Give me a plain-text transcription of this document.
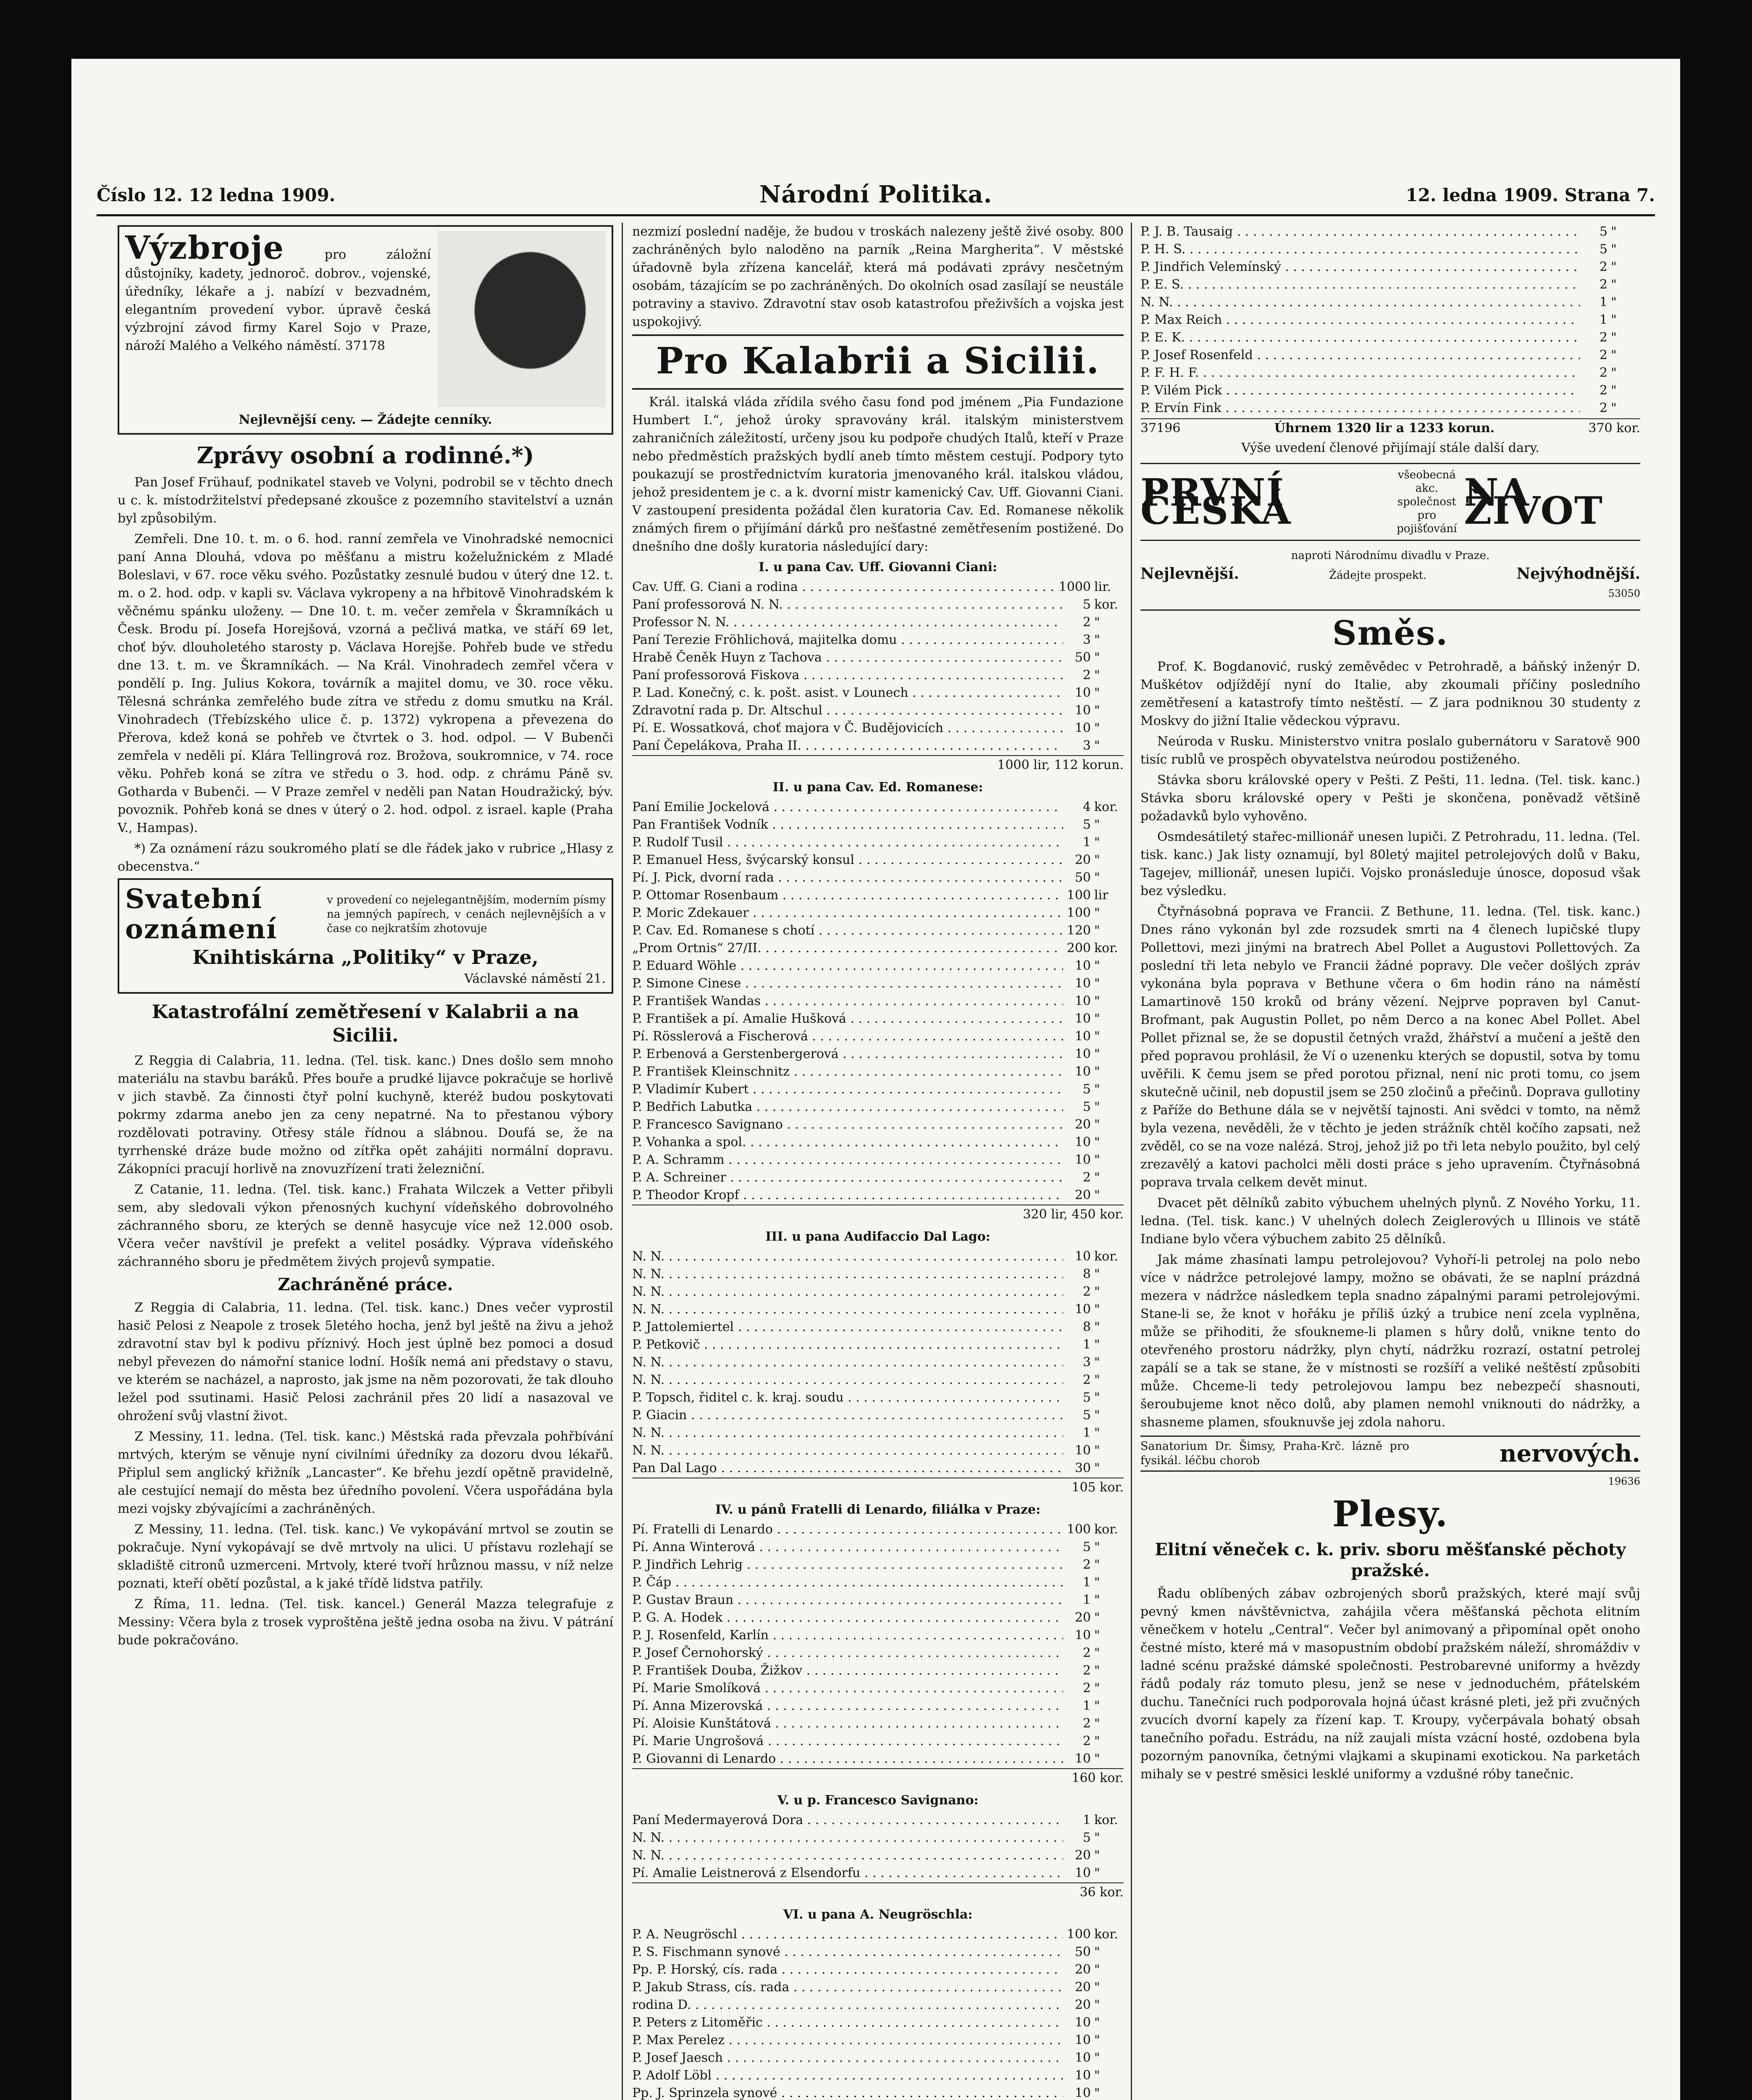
Číslo 12. 12 ledna 1909.	Národní Politika.	12. ledna 1909. Strana 7.
Výzbroje	pro záložní důstojníky, kadety, jednoroč. dobrov., vojenské, úředníky, lékaře a j. nabízí v bezvadném, elegantním provedení vybor. úpravě česká výzbrojní závod firmy Karel Sojo v Praze, nároží Malého a Velkého náměstí. 37178
Nejlevnější ceny. — Žádejte cenníky.
Zprávy osobní a rodinné.*)

Pan Josef Frühauf, podnikatel staveb ve Volyni, podrobil se v těchto dnech u c. k. místodržitelství předepsané zkoušce z pozemního stavitelství a uznán byl způsobilým.

Zemřeli. Dne 10. t. m. o 6. hod. ranní zemřela ve Vinohradské nemocnici paní Anna Dlouhá, vdova po měšťanu a mistru koželužnickém z Mladé Boleslavi, v 67. roce věku svého. Pozůstatky zesnulé budou v úterý dne 12. t. m. o 2. hod. odp. v kapli sv. Václava vykropeny a na hřbitově Vinohradském k věčnému spánku uloženy. — Dne 10. t. m. večer zemřela v Škramníkách u Česk. Brodu pí. Josefa Horejšová, vzorná a pečlivá matka, ve stáří 69 let, choť býv. dlouholetého starosty p. Václava Horejše. Pohřeb bude ve středu dne 13. t. m. ve Škramníkách. — Na Král. Vinohradech zemřel včera v pondělí p. Ing. Julius Kokora, továrník a majitel domu, ve 30. roce věku. Tělesná schránka zemřelého bude zítra ve středu z domu smutku na Král. Vinohradech (Třebízského ulice č. p. 1372) vykropena a převezena do Přerova, kdež koná se pohřeb ve čtvrtek o 3. hod. odpol. — V Bubenči zemřela v neděli pí. Klára Tellingrová roz. Brožova, soukromnice, v 74. roce věku. Pohřeb koná se zítra ve středu o 3. hod. odp. z chrámu Páně sv. Gotharda v Bubenči. — V Praze zemřel v neděli pan Natan Houdražický, býv. povoznik. Pohřeb koná se dnes v úterý o 2. hod. odpol. z israel. kaple (Praha V., Hampas).

*) Za oznámení rázu soukromého platí se dle řádek jako v rubrice „Hlasy z obecenstva.“

Svatební oznámení
v provedení co nejelegantnějším, moderním písmy na jemných papírech, v cenách nejlevnějších a v čase co nejkratším zhotovuje
Knihtiskárna „Politiky“ v Praze,
Václavské náměstí 21.
Katastrofální zemětřesení v Kalabrii a na Sicilii.

Z Reggia di Calabria, 11. ledna. (Tel. tisk. kanc.) Dnes došlo sem mnoho materiálu na stavbu baráků. Přes bouře a prudké lijavce pokračuje se horlivě v jich stavbě. Za činnosti čtyř polní kuchyně, kteréž budou poskytovati pokrmy zdarma anebo jen za ceny nepatrné. Na to přestanou výbory rozdělovati potraviny. Otřesy stále řídnou a slábnou. Doufá se, že na tyrrhenské dráze bude možno od zítřka opět zahájiti normální dopravu. Zákopníci pracují horlivě na znovuzřízení trati železniční.

Z Catanie, 11. ledna. (Tel. tisk. kanc.) Frahata Wilczek a Vetter přibyli sem, aby sledovali výkon přenosných kuchyní vídeňského dobrovolného záchranného sboru, ze kterých se denně hasycuje více než 12.000 osob. Včera večer navštívil je prefekt a velitel posádky. Výprava vídeňského záchranného sboru je předmětem živých projevů sympatie.

Zachráněné práce.

Z Reggia di Calabria, 11. ledna. (Tel. tisk. kanc.) Dnes večer vyprostil hasič Pelosi z Neapole z trosek 5letého hocha, jenž byl ještě na živu a jehož zdravotní stav byl k podivu příznivý. Hoch jest úplně bez pomoci a dosud nebyl převezen do námořní stanice lodní. Hošík nemá ani představy o stavu, ve kterém se nacházel, a naprosto, jak jsme na něm pozorovati, že tak dlouho ležel pod ssutinami. Hasič Pelosi zachránil přes 20 lidí a nasazoval ve ohrožení svůj vlastní život.

Z Messiny, 11. ledna. (Tel. tisk. kanc.) Městská rada převzala pohřbívání mrtvých, kterým se věnuje nyní civilními úředníky za dozoru dvou lékařů. Připlul sem anglický křižník „Lancaster“. Ke břehu jezdí opětně pravidelně, ale cestující nemají do města bez úředního povolení. Včera uspořádána byla mezi vojsky zbývajícími a zachráněných.

Z Messiny, 11. ledna. (Tel. tisk. kanc.) Ve vykopávání mrtvol se zoutin se pokračuje. Nyní vykopávají se dvě mrtvoly na ulici. U přístavu rozlehají se skladiště citronů uzmerceni. Mrtvoly, které tvoří hrůznou massu, v níž nelze poznati, kteří obětí pozůstal, a k jaké třídě lidstva patřily.

Z Říma, 11. ledna. (Tel. tisk. kancel.) Generál Mazza telegrafuje z Messiny: Včera byla z trosek vyproštěna ještě jedna osoba na živu. V pátrání bude pokračováno.

nezmizí poslední naděje, že budou v troskách nalezeny ještě živé osoby. 800 zachráněných bylo naloděno na parník „Reina Margherita“. V městské úřadovně byla zřízena kancelář, která má podávati zprávy nesčetným osobám, tázajícím se po zachráněných. Do okolních osad zasílají se neustále potraviny a stavivo. Zdravotní stav osob katastrofou přeživších a vojska jest uspokojivý.

Pro Kalabrii a Sicilii.

Král. italská vláda zřídila svého času fond pod jménem „Pia Fundazione Humbert I.“, jehož úroky spravovány král. italským ministerstvem zahraničních záležitostí, určeny jsou ku podpoře chudých Italů, kteří v Praze nebo předměstích pražských bydlí aneb tímto městem cestují. Podpory tyto poukazují se prostřednictvím kuratoria jmenovaného král. italskou vládou, jehož presidentem je c. a k. dvorní mistr kamenický Cav. Uff. Giovanni Ciani. V zastoupení presidenta požádal člen kuratoria Cav. Ed. Romanese několik známých firem o přijímání dárků pro nešťastné zemětřesením postižené. Do dnešního dne došly kuratoria následující dary:

I. u pana Cav. Uff. Giovanni Ciani:
Cav. Uff. G. Ciani a rodina . . .	1000 lir.
Paní professorová N. N. . . .	5 kor.
Professor N. N. . . .	2 "
Paní Terezie Fröhlichová, majitelka domu . . .	3 "
Hrabě Čeněk Huyn z Tachova . . .	50 "
Paní professorová Fiskova . . .	2 "
P. Lad. Konečný, c. k. pošt. asist. v Lounech . . .	10 "
Zdravotní rada p. Dr. Altschul . . .	10 "
Pí. E. Wossatková, choť majora v Č. Budějovicích . . .	10 "
Paní Čepelákova, Praha II. . . .	3 "
1000 lir, 112 korun.
II. u pana Cav. Ed. Romanese:
Paní Emilie Jockelová . . .	4 kor.
Pan František Vodník . . .	5 "
P. Rudolf Tusil . . .	1 "
P. Emanuel Hess, švýcarský konsul . . .	20 "
Pí. J. Pick, dvorní rada . . .	50 "
P. Ottomar Rosenbaum . . .	100 lir
P. Moric Zdekauer . . .	100 "
P. Cav. Ed. Romanese s chotí . . .	120 "
„Prom Ortnis“ 27/II. . . .	200 kor.
P. Eduard Wöhle . . .	10 "
P. Simone Cinese . . .	10 "
P. František Wandas . . .	10 "
P. František a pí. Amalie Hušková . . .	10 "
Pí. Rösslerová a Fischerová . . .	10 "
P. Erbenová a Gerstenbergerová . . .	10 "
P. František Kleinschnitz . . .	10 "
P. Vladimír Kubert . . .	5 "
P. Bedřich Labutka . . .	5 "
P. Francesco Savignano . . .	20 "
P. Vohanka a spol. . . .	10 "
P. A. Schramm . . .	10 "
P. A. Schreiner . . .	2 "
P. Theodor Kropf . . .	20 "
320 lir, 450 kor.
III. u pana Audifaccio Dal Lago:
N. N. . . .	10 kor.
N. N. . . .	8 "
N. N. . . .	2 "
N. N. . . .	10 "
P. Jattolemiertel . . .	8 "
P. Petkovič . . .	1 "
N. N. . . .	3 "
N. N. . . .	2 "
P. Topsch, řiditel c. k. kraj. soudu . . .	5 "
P. Giacin . . .	5 "
N. N. . . .	1 "
N. N. . . .	10 "
Pan Dal Lago . . .	30 "
105 kor.
IV. u pánů Fratelli di Lenardo, filiálka v Praze:
Pí. Fratelli di Lenardo . . .	100 kor.
Pí. Anna Winterová . . .	5 "
P. Jindřich Lehrig . . .	2 "
P. Čáp . . .	1 "
P. Gustav Braun . . .	1 "
P. G. A. Hodek . . .	20 "
P. J. Rosenfeld, Karlín . . .	10 "
P. Josef Černohorský . . .	2 "
P. František Douba, Žižkov . . .	2 "
Pí. Marie Smolíková . . .	2 "
Pí. Anna Mizerovská . . .	1 "
Pí. Aloisie Kunštátová . . .	2 "
Pí. Marie Ungrošová . . .	2 "
P. Giovanni di Lenardo . . .	10 "
160 kor.
V. u p. Francesco Savignano:
Paní Medermayerová Dora . . .	1 kor.
N. N. . . .	5 "
N. N. . . .	20 "
Pí. Amalie Leistnerová z Elsendorfu . . .	10 "
36 kor.
VI. u pana A. Neugröschla:
P. A. Neugröschl . . .	100 kor.
P. S. Fischmann synové . . .	50 "
Pp. P. Horský, cís. rada . . .	20 "
P. Jakub Strass, cís. rada . . .	20 "
rodina D. . . .	20 "
P. Peters z Litoměřic . . .	10 "
P. Max Perelez . . .	10 "
P. Josef Jaesch . . .	10 "
P. Adolf Löbl . . .	10 "
Pp. J. Sprinzela synové . . .	10 "
P. J. B. Tausaig . . .	5 "
P. H. S. . . .	5 "
P. Jindřich Velemínský . . .	2 "
P. E. S. . . .	2 "
N. N. . . .	1 "
P. Max Reich . . .	1 "
P. E. K. . . .	2 "
P. Josef Rosenfeld . . .	2 "
P. F. H. F. . . .	2 "
P. Vilém Pick . . .	2 "
P. Ervín Fink . . .	2 "
37196	Úhrnem 1320 lir a 1233 korun.	370 kor.
Výše uvedení členové přijímají stále další dary.
PRVNÍ ČESKÁ
všeobecná akc. společnost pro pojišťování
NA ŽIVOT
naproti Národnímu divadlu v Praze.
Nejlevnější.	Žádejte prospekt.	Nejvýhodnější.
53050
Směs.

Prof. K. Bogdanović, ruský zeměvědec v Petrohradě, a báňský inženýr D. Muškétov odjíždějí nyní do Italie, aby zkoumali příčiny posledního zemětřesení a katastrofy tímto neštěstí. — Z jara podniknou 30 studenty z Moskvy do jižní Italie vědeckou výpravu.

Neúroda v Rusku. Ministerstvo vnitra poslalo gubernátoru v Saratově 900 tisíc rublů ve prospěch obyvatelstva neúrodou postiženého.

Stávka sboru královské opery v Pešti. Z Pešti, 11. ledna. (Tel. tisk. kanc.) Stávka sboru královské opery v Pešti je skončena, poněvadž většině požadavků bylo vyhověno.

Osmdesátiletý stařec-millionář unesen lupiči. Z Petrohradu, 11. ledna. (Tel. tisk. kanc.) Jak listy oznamují, byl 80letý majitel petrolejových dolů v Baku, Tagejev, millionář, unesen lupiči. Vojsko pronásleduje únosce, doposud však bez výsledku.

Čtyřnásobná poprava ve Francii. Z Bethune, 11. ledna. (Tel. tisk. kanc.) Dnes ráno vykonán byl zde rozsudek smrti na 4 členech lupičské tlupy Pollettovi, mezi jinými na bratrech Abel Pollet a Augustovi Pollettových. Za poslední tři leta nebylo ve Francii žádné popravy. Dle večer došlých zpráv vykonána byla poprava v Bethune včera o 6m hodin ráno na náměstí Lamartinově 150 kroků od brány vězení. Nejprve popraven byl Canut-Brofmant, pak Augustin Pollet, po něm Derco a na konec Abel Pollet. Abel Pollet přiznal se, že se dopustil četných vražd, žhářství a mučení a ještě den před popravou prohlásil, že Ví o uzenenku kterých se dopustil, sotva by tomu uvěřili. K čemu jsem se před porotou přiznal, není nic proti tomu, co jsem skutečně učinil, neb dopustil jsem se 250 zločinů a přečinů. Doprava gullotiny z Paříže do Bethune dála se v největší tajnosti. Ani svědci v tomto, na němž byla vezena, nevěděli, že v těchto je jeden strážník chtěl kočího zapsati, než zvěděl, co se na voze nalézá. Stroj, jehož již po tři leta nebylo použito, byl celý zrezavělý a katovi pacholci měli dosti práce s jeho upravením. Čtyřnásobná poprava trvala celkem devět minut.

Dvacet pět dělníků zabito výbuchem uhelných plynů. Z Nového Yorku, 11. ledna. (Tel. tisk. kanc.) V uhelných dolech Zeiglerových u Illinois ve státě Indiane bylo včera výbuchem zabito 25 dělníků.

Jak máme zhasínati lampu petrolejovou? Vyhoří-li petrolej na polo nebo více v nádržce petrolejové lampy, možno se obávati, že se naplní prázdná mezera v nádržce následkem tepla snadno zápalnými parami petrolejovými. Stane-li se, že knot v hořáku je příliš úzký a trubice není zcela vyplněna, může se přihoditi, že sfoukneme-li plamen s hůry dolů, vnikne tento do otevřeného prostoru nádržky, plyn chytí, nádržku rozrazí, ostatní petrolej zapálí se a tak se stane, že v místnosti se rozšíří a veliké neštěstí způsobiti může. Chceme-li tedy petrolejovou lampu bez nebezpečí shasnouti, šeroubujeme knot něco dolů, aby plamen nemohl vniknouti do nádržky, a shasneme plamen, sfouknuvše jej zdola nahoru.

Sanatorium Dr. Šimsy, Praha-Krč. lázně pro fysikál. léčbu chorob	nervových.
19636
Plesy.
Elitní věneček c. k. priv. sboru měšťanské pěchoty pražské.

Řadu oblíbených zábav ozbrojených sborů pražských, které mají svůj pevný kmen návštěvnictva, zahájila včera měšťanská pěchota elitním věnečkem v hotelu „Central“. Večer byl animovaný a připomínal opět onoho čestné místo, které má v masopustním období pražském náleží, shromáždiv v ladné scénu pražské dámské společnosti. Pestrobarevné uniformy a hvězdy řádů podaly ráz tomuto plesu, jenž se nese v jednoduchém, přátelském duchu. Tanečníci ruch podporovala hojná účast krásné pleti, jež při zvučných zvucích dvorní kapely za řízení kap. T. Kroupy, vyčerpávala bohatý obsah tanečního pořadu. Estrádu, na níž zaujali místa vzácní hosté, ozdobena byla pozorným panovníka, četnými vlajkami a skupinami exotickou. Na parketách mihaly se v pestré směsici lesklé uniformy a vzdušné róby tanečnic.
